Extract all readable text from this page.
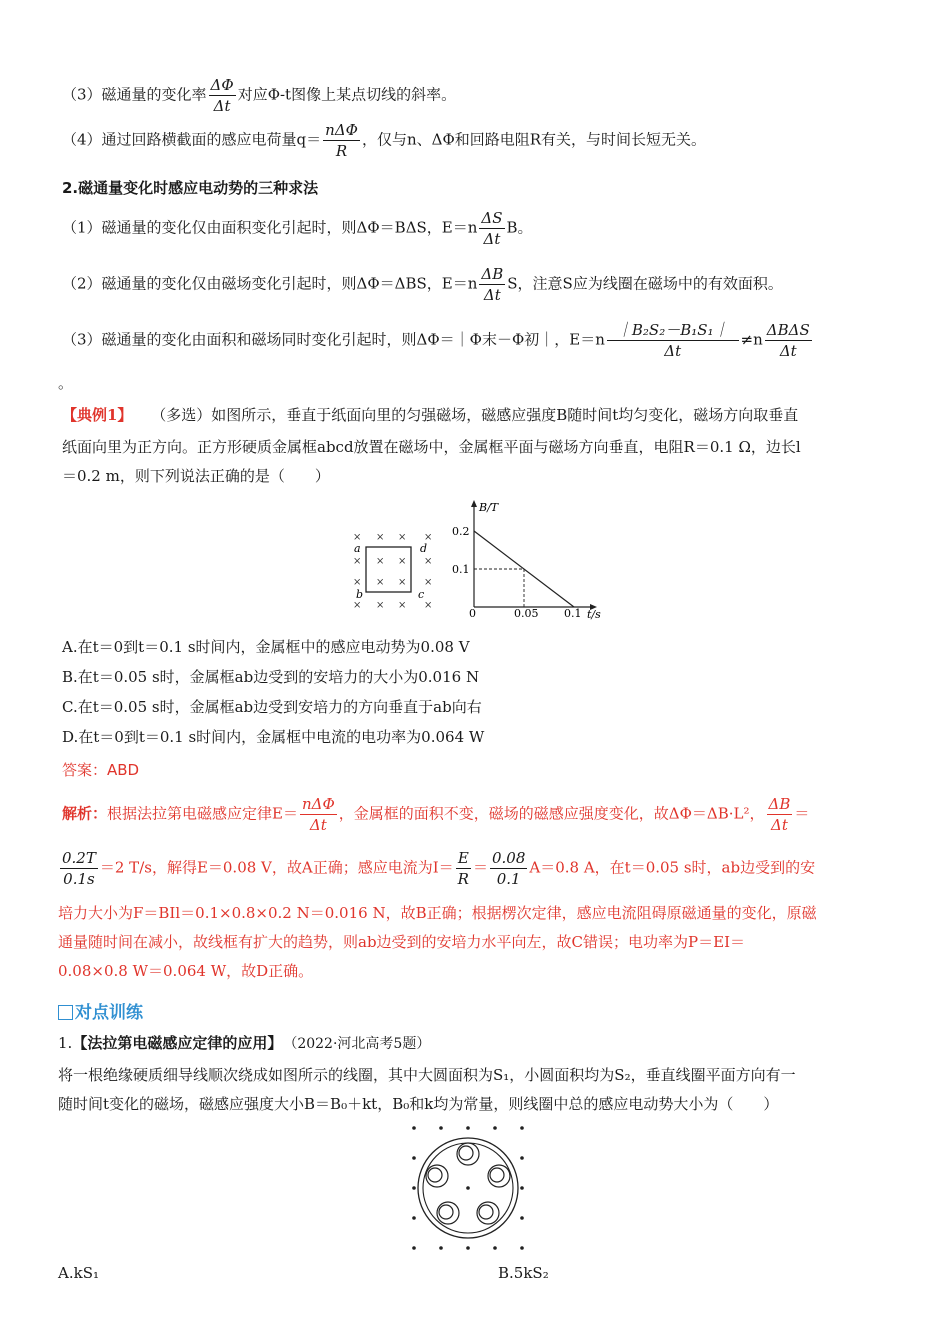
（3）磁通量的变化率 $\frac{\Delta\Phi}{\Delta t}$ 对应Φ-t图像上某点切线的斜率。
（4）通过回路横截面的感应电荷量$q= \frac{\text{nΔΦ}}{R}$ ，仅与n、ΔΦ和回路电阻R有关，与时间长短无关。
2.磁通量变化时感应电动势的三种求法
（1）磁通量的变化仅由面积变化引起时，则ΔΦ＝BΔS，$E=n \frac{\Delta S}{\Delta t}$ B。
（2）磁通量的变化仅由磁场变化引起时，则ΔΦ＝ΔBS，$E=n \frac{\Delta B}{\Delta t}$ S，注意S应为线圈在磁场中的有效面积。
（3）磁通量的变化由面积和磁场同时变化引起时，则ΔΦ＝｜Φ末－Φ初｜，$E=n \frac{\text{｜B₂S₂－B₁S₁｜}}{\Delta t} \ne n \frac{\text{ΔBΔS}}{\Delta t}$
。
【典例1】 （多选）如图所示，垂直于纸面向里的匀强磁场，磁感应强度B随时间t均匀变化，磁场方向取垂直
纸面向里为正方向。正方形硬质金属框abcd放置在磁场中，金属框平面与磁场方向垂直，电阻R＝0.1 Ω，边长l
＝0.2 m，则下列说法正确的是（　　）
× × × ×
× × × ×
× × × ×
× × × ×
a	d
b	c
B/T
t/s
0.2
0.1
0	0.05 0.1
A.在t＝0到t＝0.1 s时间内，金属框中的感应电动势为0.08 V
B.在t＝0.05 s时，金属框ab边受到的安培力的大小为0.016 N
C.在t＝0.05 s时，金属框ab边受到安培力的方向垂直于ab向右
D.在t＝0到t＝0.1 s时间内，金属框中电流的电功率为0.064 W
答案：ABD
解析：根据法拉第电磁感应定律$E= \frac{\text{nΔΦ}}{\Delta t}$ ，金属框的面积不变，磁场的磁感应强度变化，故ΔΦ＝ΔB·L²， $\frac{\Delta B}{\Delta t}$ ＝
$\frac{0.2T}{0.1s} =2$ T/s，解得E＝0.08 V，故A正确；感应电流为$I= \frac{E}{R} = \frac{0.08}{0.1} A=0.8$ A，在t＝0.05 s时，ab边受到的安
培力大小为F＝BIl＝0.1×0.8×0.2 N＝0.016 N，故B正确；根据楞次定律，感应电流阻碍原磁通量的变化，原磁
通量随时间在减小，故线框有扩大的趋势，则ab边受到的安培力水平向左，故C错误；电功率为P＝EI＝
0.08×0.8 W＝0.064 W，故D正确。
对点训练
1.【法拉第电磁感应定律的应用】 （2022·河北高考5题）
将一根绝缘硬质细导线顺次绕成如图所示的线圈，其中大圆面积为S₁，小圆面积均为S₂，垂直线圈平面方向有一
随时间t变化的磁场，磁感应强度大小B＝B₀＋kt，B₀和k均为常量，则线圈中总的感应电动势大小为（　　）
A.kS₁	B.5kS₂
